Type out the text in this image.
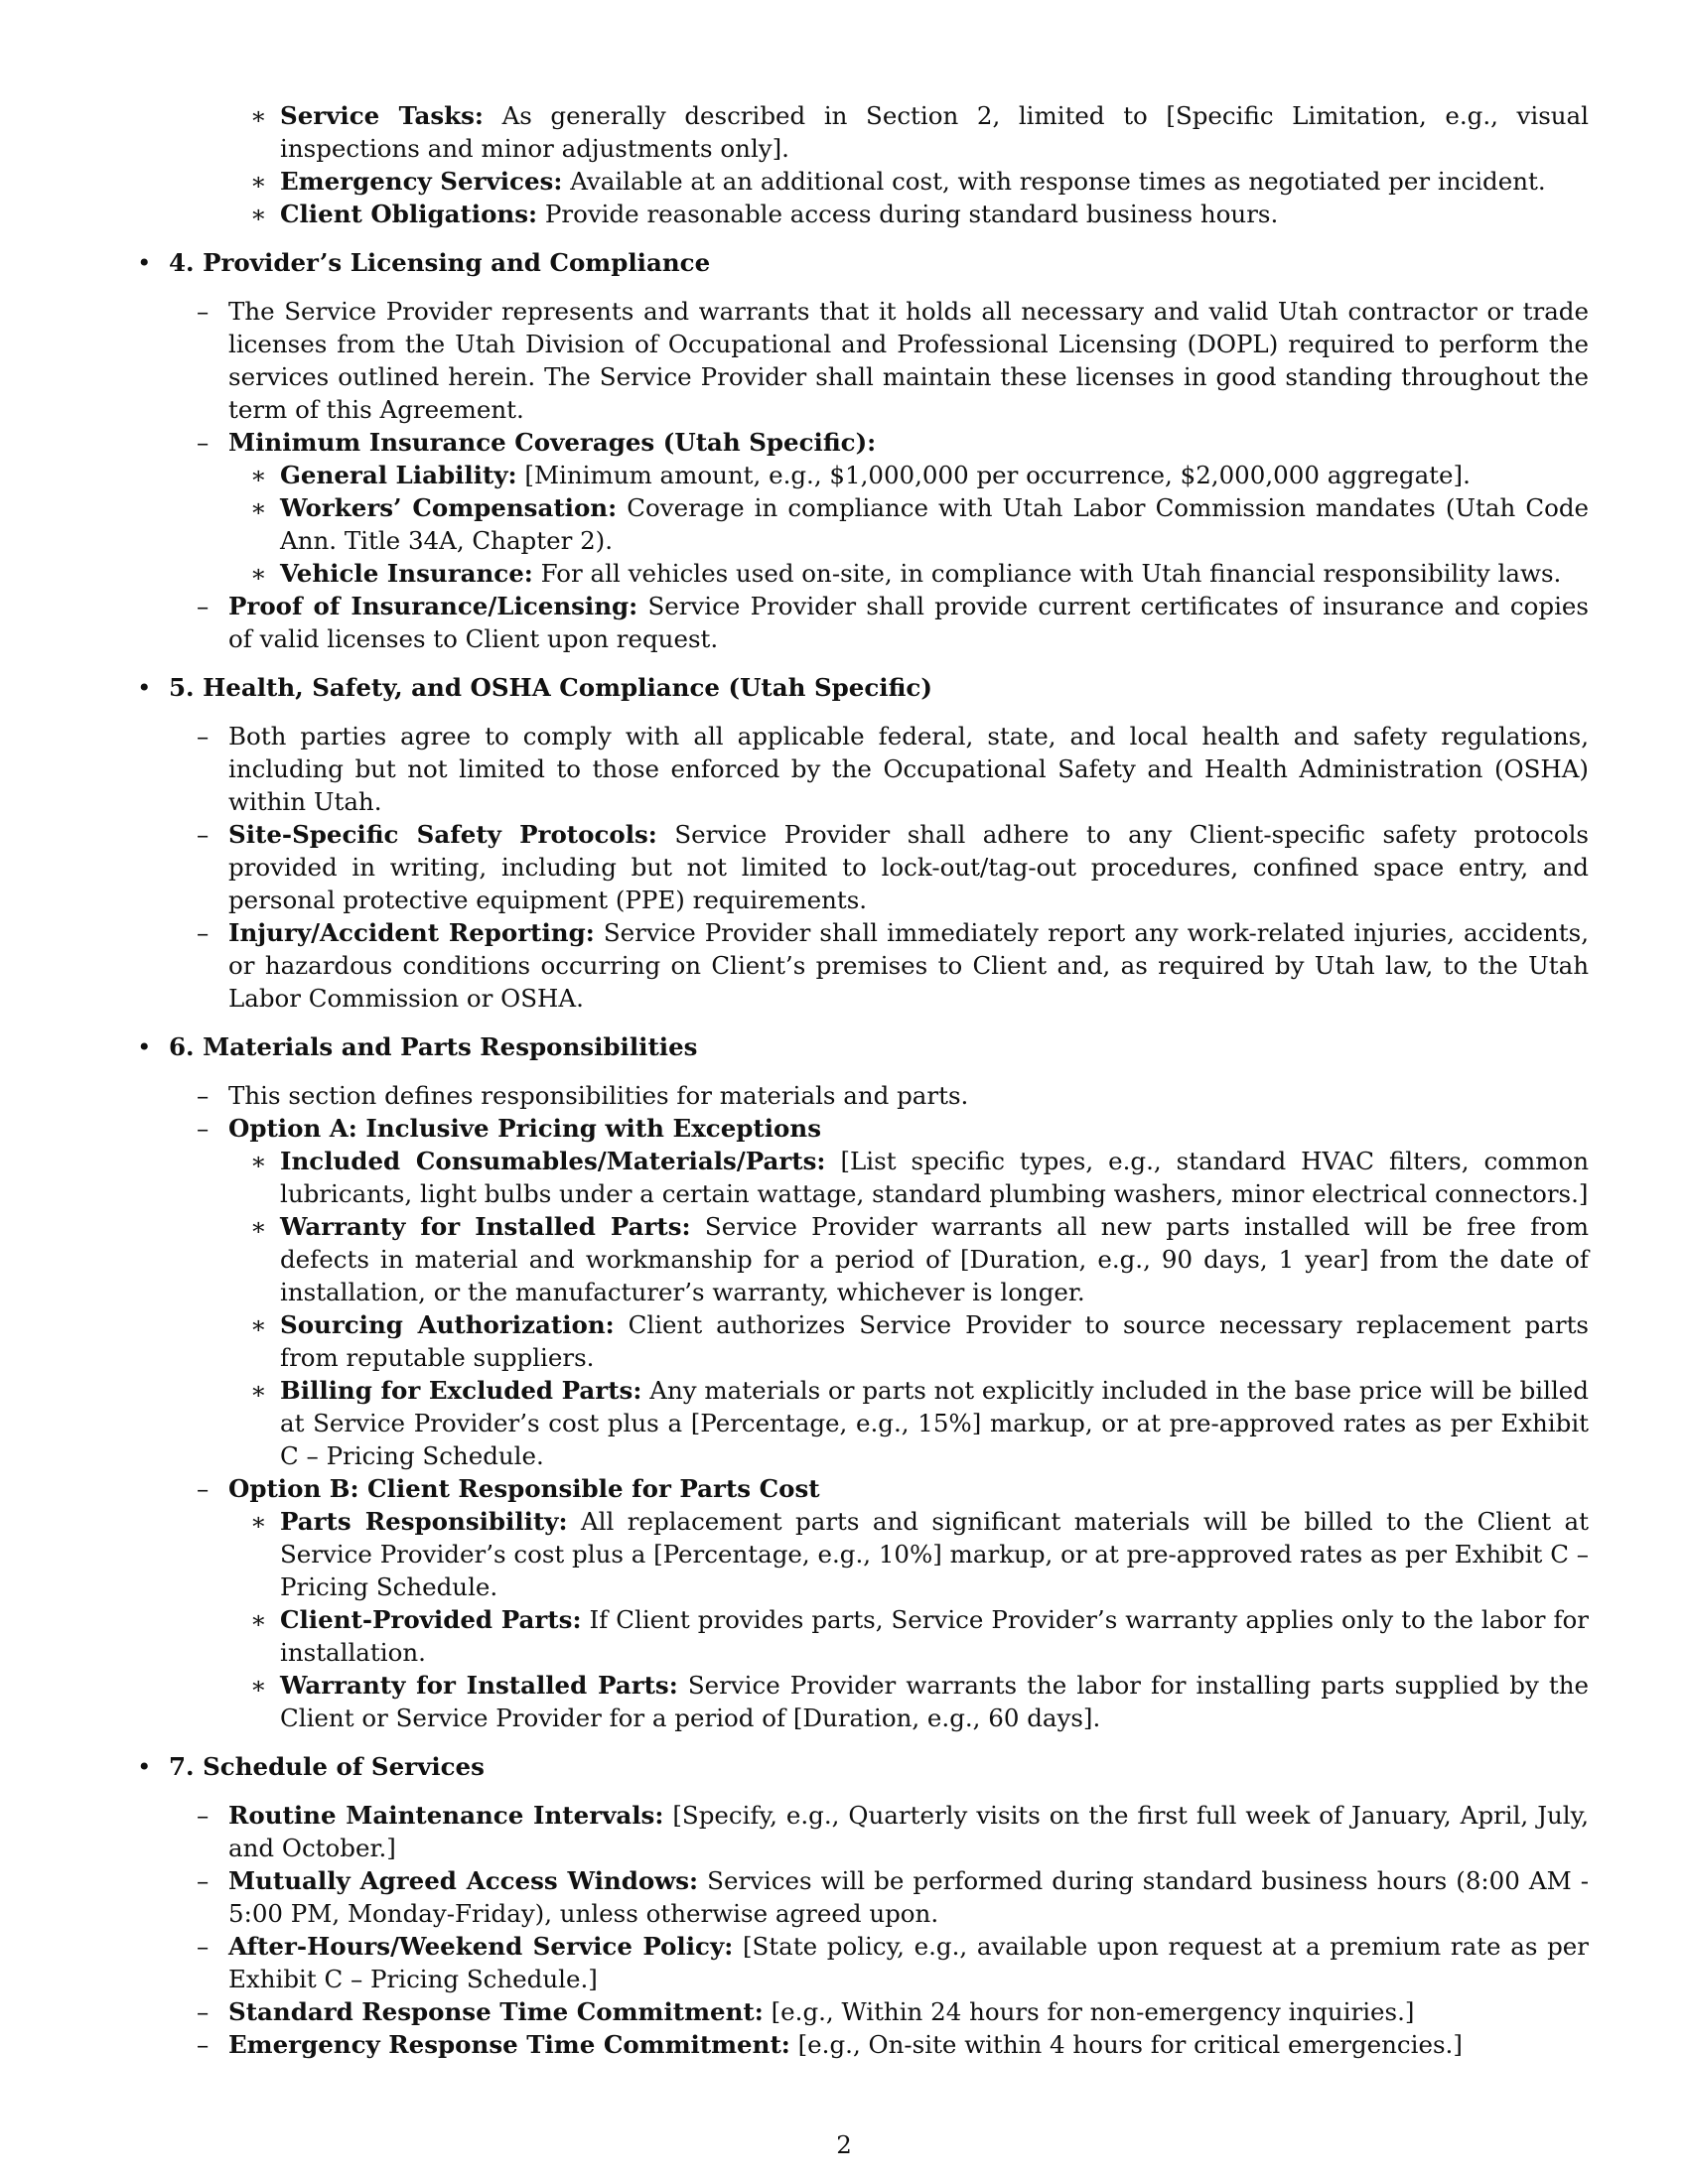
∗ Service Tasks: As generally described in Section 2, limited to [Specific Limitation, e.g., visual inspections and minor adjustments only].
∗ Emergency Services: Available at an additional cost, with response times as negotiated per incident.
∗ Client Obligations: Provide reasonable access during standard business hours.
• 4. Provider’s Licensing and Compliance
– The Service Provider represents and warrants that it holds all necessary and valid Utah contractor or trade licenses from the Utah Division of Occupational and Professional Licensing (DOPL) required to perform the services outlined herein. The Service Provider shall maintain these licenses in good standing throughout the term of this Agreement.
– Minimum Insurance Coverages (Utah Specific):
∗ General Liability: [Minimum amount, e.g., $1,000,000 per occurrence, $2,000,000 aggregate].
∗ Workers’ Compensation: Coverage in compliance with Utah Labor Commission mandates (Utah Code Ann. Title 34A, Chapter 2).
∗ Vehicle Insurance: For all vehicles used on-site, in compliance with Utah financial responsibility laws.
– Proof of Insurance/Licensing: Service Provider shall provide current certificates of insurance and copies of valid licenses to Client upon request.
• 5. Health, Safety, and OSHA Compliance (Utah Specific)
– Both parties agree to comply with all applicable federal, state, and local health and safety regulations, including but not limited to those enforced by the Occupational Safety and Health Administration (OSHA) within Utah.
– Site-Specific Safety Protocols: Service Provider shall adhere to any Client-specific safety protocols provided in writing, including but not limited to lock-out/tag-out procedures, confined space entry, and personal protective equipment (PPE) requirements.
– Injury/Accident Reporting: Service Provider shall immediately report any work-related injuries, accidents, or hazardous conditions occurring on Client’s premises to Client and, as required by Utah law, to the Utah Labor Commission or OSHA.
• 6. Materials and Parts Responsibilities
– This section defines responsibilities for materials and parts.
– Option A: Inclusive Pricing with Exceptions
∗ Included Consumables/Materials/Parts: [List specific types, e.g., standard HVAC filters, common lubricants, light bulbs under a certain wattage, standard plumbing washers, minor electrical connectors.]
∗ Warranty for Installed Parts: Service Provider warrants all new parts installed will be free from defects in material and workmanship for a period of [Duration, e.g., 90 days, 1 year] from the date of installation, or the manufacturer’s warranty, whichever is longer.
∗ Sourcing Authorization: Client authorizes Service Provider to source necessary replacement parts from reputable suppliers.
∗ Billing for Excluded Parts: Any materials or parts not explicitly included in the base price will be billed at Service Provider’s cost plus a [Percentage, e.g., 15%] markup, or at pre-approved rates as per Exhibit C – Pricing Schedule.
– Option B: Client Responsible for Parts Cost
∗ Parts Responsibility: All replacement parts and significant materials will be billed to the Client at Service Provider’s cost plus a [Percentage, e.g., 10%] markup, or at pre-approved rates as per Exhibit C – Pricing Schedule.
∗ Client-Provided Parts: If Client provides parts, Service Provider’s warranty applies only to the labor for installation.
∗ Warranty for Installed Parts: Service Provider warrants the labor for installing parts supplied by the Client or Service Provider for a period of [Duration, e.g., 60 days].
• 7. Schedule of Services
– Routine Maintenance Intervals: [Specify, e.g., Quarterly visits on the first full week of January, April, July, and October.]
– Mutually Agreed Access Windows: Services will be performed during standard business hours (8:00 AM - 5:00 PM, Monday-Friday), unless otherwise agreed upon.
– After-Hours/Weekend Service Policy: [State policy, e.g., available upon request at a premium rate as per Exhibit C – Pricing Schedule.]
– Standard Response Time Commitment: [e.g., Within 24 hours for non-emergency inquiries.]
– Emergency Response Time Commitment: [e.g., On-site within 4 hours for critical emergencies.]
2
